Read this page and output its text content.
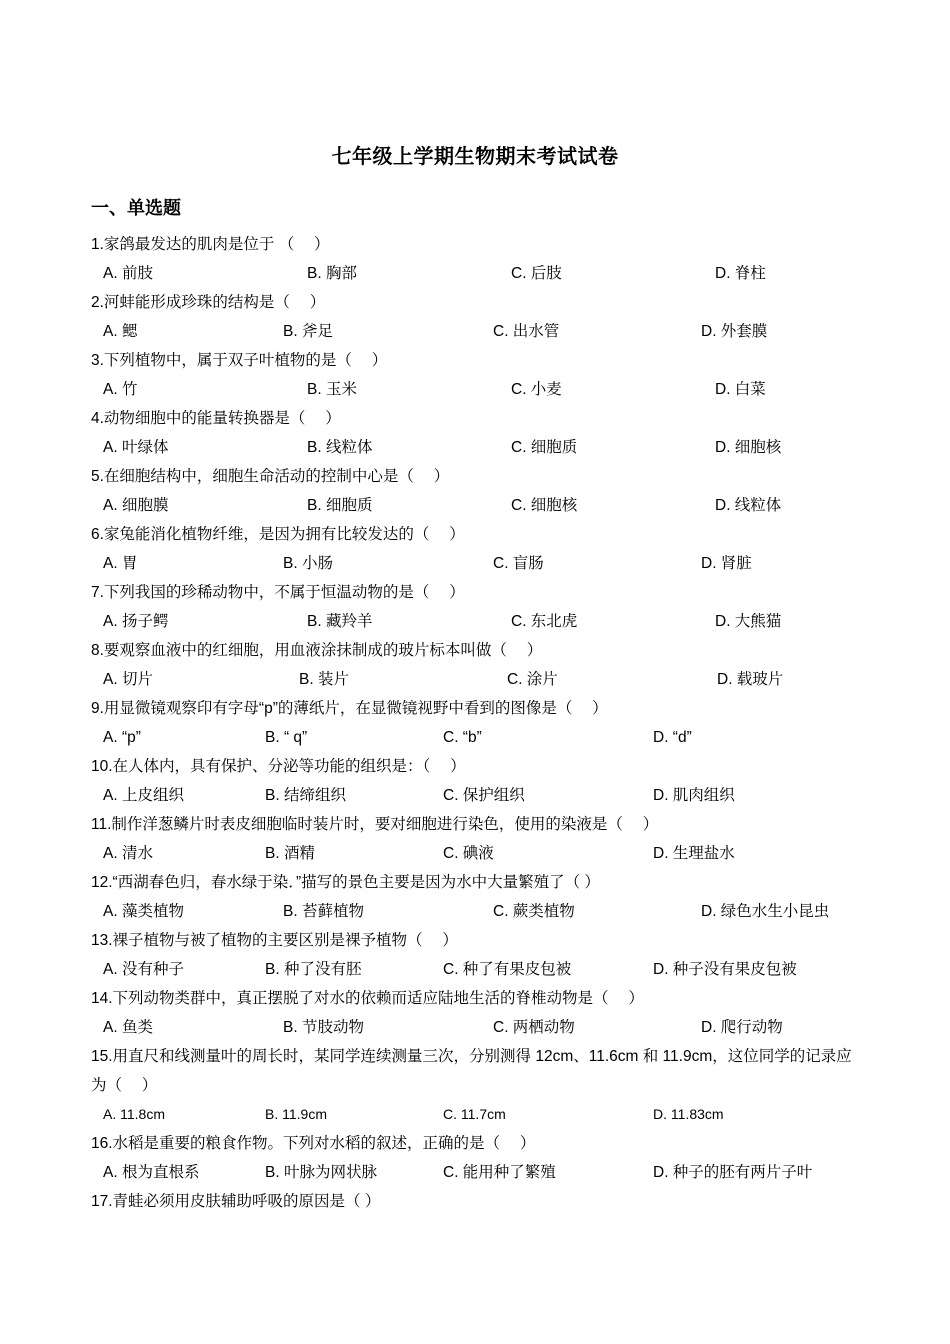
七年级上学期生物期末考试试卷
一、单选题
1.家鸽最发达的肌肉是位于 （　 ）
A. 前肢	B. 胸部	C. 后肢	D. 脊柱
2.河蚌能形成珍珠的结构是（　 ）
A. 鳃	B. 斧足	C. 出水管	D. 外套膜
3.下列植物中，属于双子叶植物的是（　 ）
A. 竹	B. 玉米	C. 小麦	D. 白菜
4.动物细胞中的能量转换器是（　 ）
A. 叶绿体	B. 线粒体	C. 细胞质	D. 细胞核
5.在细胞结构中，细胞生命活动的控制中心是（　 ）
A. 细胞膜	B. 细胞质	C. 细胞核	D. 线粒体
6.家兔能消化植物纤维，是因为拥有比较发达的（　 ）
A. 胃	B. 小肠	C. 盲肠	D. 肾脏
7.下列我国的珍稀动物中，不属于恒温动物的是（　 ）
A. 扬子鳄	B. 藏羚羊	C. 东北虎	D. 大熊猫
8.要观察血液中的红细胞，用血液涂抹制成的玻片标本叫做（　 ）
A. 切片	B. 装片	C. 涂片	D. 载玻片
9.用显微镜观察印有字母“p”的薄纸片，在显微镜视野中看到的图像是（　 ）
A. “p”	B. “ q”	C. “b”	D. “d”
10.在人体内，具有保护、分泌等功能的组织是：（　 ）
A. 上皮组织	B. 结缔组织	C. 保护组织	D. 肌肉组织
11.制作洋葱鳞片时表皮细胞临时装片时，要对细胞进行染色，使用的染液是（　 ）
A. 清水	B. 酒精	C. 碘液	D. 生理盐水
12.“西湖春色归，春水绿于染．”描写的景色主要是因为水中大量繁殖了（ ）
A. 藻类植物	B. 苔藓植物	C. 蕨类植物	D. 绿色水生小昆虫
13.裸子植物与被了植物的主要区别是裸予植物（　 ）
A. 没有种子	B. 种了没有胚	C. 种了有果皮包被	D. 种子没有果皮包被
14.下列动物类群中，真正摆脱了对水的依赖而适应陆地生活的脊椎动物是（　 ）
A. 鱼类	B. 节肢动物	C. 两栖动物	D. 爬行动物
15.用直尺和线测量叶的周长时，某同学连续测量三次，分别测得 12cm、11.6cm 和 11.9cm，这位同学的记录应为（　 ）
A. 11.8cm	B. 11.9cm	C. 11.7cm	D. 11.83cm
16.水稻是重要的粮食作物。下列对水稻的叙述，正确的是（　 ）
A. 根为直根系	B. 叶脉为网状脉	C. 能用种了繁殖	D. 种子的胚有两片子叶
17.青蛙必须用皮肤辅助呼吸的原因是（ ）
